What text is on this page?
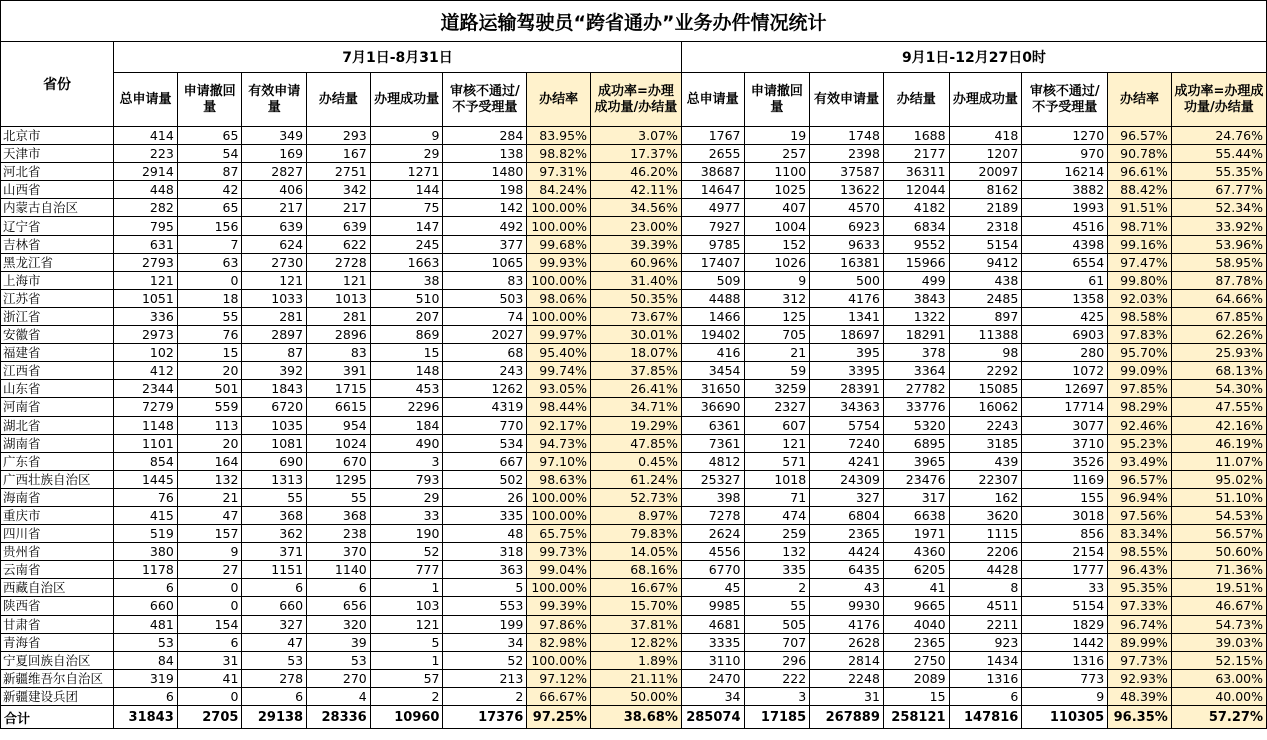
道路运输驾驶员“跨省通办”业务办件情况统计																
省份	7月1日-8月31日								9月1日-12月27日0时							
	总申请量	申请撤回量	有效申请量	办结量	办理成功量	审核不通过/不予受理量	办结率	成功率=办理成功量/办结量	总申请量	申请撤回量	有效申请量	办结量	办理成功量	审核不通过/不予受理量	办结率	成功率=办理成功量/办结量
北京市	414	65	349	293	9	284	83.95%	3.07%	1767	19	1748	1688	418	1270	96.57%	24.76%
天津市	223	54	169	167	29	138	98.82%	17.37%	2655	257	2398	2177	1207	970	90.78%	55.44%
河北省	2914	87	2827	2751	1271	1480	97.31%	46.20%	38687	1100	37587	36311	20097	16214	96.61%	55.35%
山西省	448	42	406	342	144	198	84.24%	42.11%	14647	1025	13622	12044	8162	3882	88.42%	67.77%
内蒙古自治区	282	65	217	217	75	142	100.00%	34.56%	4977	407	4570	4182	2189	1993	91.51%	52.34%
辽宁省	795	156	639	639	147	492	100.00%	23.00%	7927	1004	6923	6834	2318	4516	98.71%	33.92%
吉林省	631	7	624	622	245	377	99.68%	39.39%	9785	152	9633	9552	5154	4398	99.16%	53.96%
黑龙江省	2793	63	2730	2728	1663	1065	99.93%	60.96%	17407	1026	16381	15966	9412	6554	97.47%	58.95%
上海市	121	0	121	121	38	83	100.00%	31.40%	509	9	500	499	438	61	99.80%	87.78%
江苏省	1051	18	1033	1013	510	503	98.06%	50.35%	4488	312	4176	3843	2485	1358	92.03%	64.66%
浙江省	336	55	281	281	207	74	100.00%	73.67%	1466	125	1341	1322	897	425	98.58%	67.85%
安徽省	2973	76	2897	2896	869	2027	99.97%	30.01%	19402	705	18697	18291	11388	6903	97.83%	62.26%
福建省	102	15	87	83	15	68	95.40%	18.07%	416	21	395	378	98	280	95.70%	25.93%
江西省	412	20	392	391	148	243	99.74%	37.85%	3454	59	3395	3364	2292	1072	99.09%	68.13%
山东省	2344	501	1843	1715	453	1262	93.05%	26.41%	31650	3259	28391	27782	15085	12697	97.85%	54.30%
河南省	7279	559	6720	6615	2296	4319	98.44%	34.71%	36690	2327	34363	33776	16062	17714	98.29%	47.55%
湖北省	1148	113	1035	954	184	770	92.17%	19.29%	6361	607	5754	5320	2243	3077	92.46%	42.16%
湖南省	1101	20	1081	1024	490	534	94.73%	47.85%	7361	121	7240	6895	3185	3710	95.23%	46.19%
广东省	854	164	690	670	3	667	97.10%	0.45%	4812	571	4241	3965	439	3526	93.49%	11.07%
广西壮族自治区	1445	132	1313	1295	793	502	98.63%	61.24%	25327	1018	24309	23476	22307	1169	96.57%	95.02%
海南省	76	21	55	55	29	26	100.00%	52.73%	398	71	327	317	162	155	96.94%	51.10%
重庆市	415	47	368	368	33	335	100.00%	8.97%	7278	474	6804	6638	3620	3018	97.56%	54.53%
四川省	519	157	362	238	190	48	65.75%	79.83%	2624	259	2365	1971	1115	856	83.34%	56.57%
贵州省	380	9	371	370	52	318	99.73%	14.05%	4556	132	4424	4360	2206	2154	98.55%	50.60%
云南省	1178	27	1151	1140	777	363	99.04%	68.16%	6770	335	6435	6205	4428	1777	96.43%	71.36%
西藏自治区	6	0	6	6	1	5	100.00%	16.67%	45	2	43	41	8	33	95.35%	19.51%
陕西省	660	0	660	656	103	553	99.39%	15.70%	9985	55	9930	9665	4511	5154	97.33%	46.67%
甘肃省	481	154	327	320	121	199	97.86%	37.81%	4681	505	4176	4040	2211	1829	96.74%	54.73%
青海省	53	6	47	39	5	34	82.98%	12.82%	3335	707	2628	2365	923	1442	89.99%	39.03%
宁夏回族自治区	84	31	53	53	1	52	100.00%	1.89%	3110	296	2814	2750	1434	1316	97.73%	52.15%
新疆维吾尔自治区	319	41	278	270	57	213	97.12%	21.11%	2470	222	2248	2089	1316	773	92.93%	63.00%
新疆建设兵团	6	0	6	4	2	2	66.67%	50.00%	34	3	31	15	6	9	48.39%	40.00%
合计	31843	2705	29138	28336	10960	17376	97.25%	38.68%	285074	17185	267889	258121	147816	110305	96.35%	57.27%
